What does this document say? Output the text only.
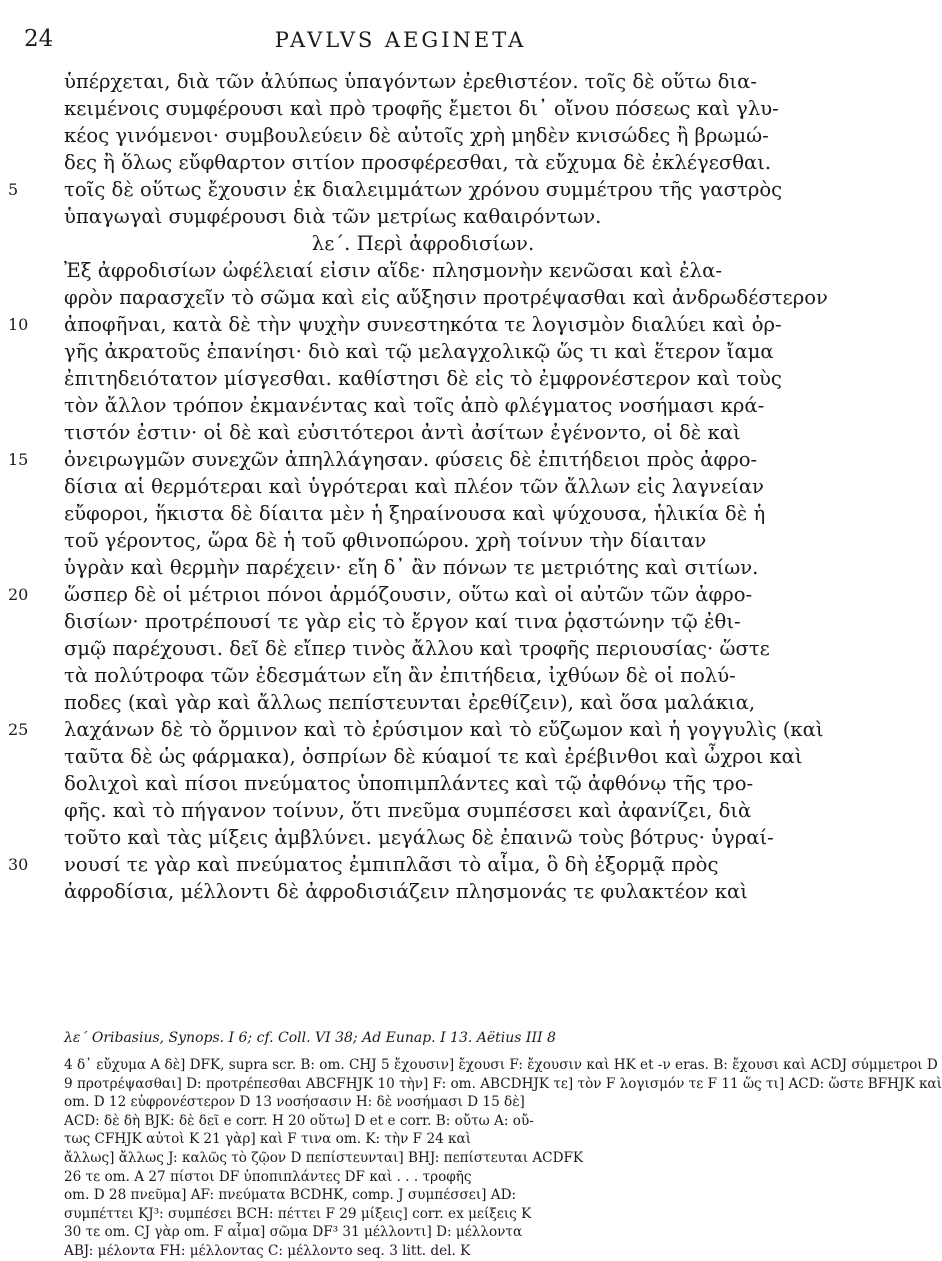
24	PAVLVS AEGINETA
ὑπέρχεται, διὰ τῶν ἀλύπως ὑπαγόντων ἐρεθιστέον. τοῖς δὲ οὕτω δια-
κειμένοις συμφέρουσι καὶ πρὸ τροφῆς ἔμετοι δι᾿ οἴνου πόσεως καὶ γλυ-
κέος γινόμενοι· συμβουλεύειν δὲ αὐτοῖς χρὴ μηδὲν κνισώδες ἢ βρωμώ-
δες ἢ ὅλως εὔφθαρτον σιτίον προσφέρεσθαι, τὰ εὔχυμα δὲ ἐκλέγεσθαι.
5	τοῖς δὲ οὕτως ἔχουσιν ἐκ διαλειμμάτων χρόνου συμμέτρου τῆς γαστρὸς
ὑπαγωγαὶ συμφέρουσι διὰ τῶν μετρίως καθαιρόντων.
λε΄. Περὶ ἀφροδισίων.
Ἐξ ἀφροδισίων ὠφέλειαί εἰσιν αἵδε· πλησμονὴν κενῶσαι καὶ ἐλα-
φρὸν παρασχεῖν τὸ σῶμα καὶ εἰς αὔξησιν προτρέψασθαι καὶ ἀνδρωδέστερον
10	ἀποφῆναι, κατὰ δὲ τὴν ψυχὴν συνεστηκότα τε λογισμὸν διαλύει καὶ ὀρ-
γῆς ἀκρατοῦς ἐπανίησι· διὸ καὶ τῷ μελαγχολικῷ ὥς τι καὶ ἕτερον ἴαμα
ἐπιτηδειότατον μίσγεσθαι. καθίστησι δὲ εἰς τὸ ἐμφρονέστερον καὶ τοὺς
τὸν ἄλλον τρόπον ἐκμανέντας καὶ τοῖς ἀπὸ φλέγματος νοσήμασι κρά-
τιστόν ἐστιν· οἱ δὲ καὶ εὐσιτότεροι ἀντὶ ἀσίτων ἐγένοντο, οἱ δὲ καὶ
15	ὀνειρωγμῶν συνεχῶν ἀπηλλάγησαν. φύσεις δὲ ἐπιτήδειοι πρὸς ἀφρο-
δίσια αἱ θερμότεραι καὶ ὑγρότεραι καὶ πλέον τῶν ἄλλων εἰς λαγνείαν
εὔφοροι, ἥκιστα δὲ δίαιτα μὲν ἡ ξηραίνουσα καὶ ψύχουσα, ἡλικία δὲ ἡ
τοῦ γέροντος, ὥρα δὲ ἡ τοῦ φθινοπώρου. χρὴ τοίνυν τὴν δίαιταν
ὑγρὰν καὶ θερμὴν παρέχειν· εἴη δ᾿ ἂν πόνων τε μετριότης καὶ σιτίων.
20	ὥσπερ δὲ οἱ μέτριοι πόνοι ἁρμόζουσιν, οὕτω καὶ οἱ αὐτῶν τῶν ἀφρο-
δισίων· προτρέπουσί τε γὰρ εἰς τὸ ἔργον καί τινα ῥᾳστώνην τῷ ἐθι-
σμῷ παρέχουσι. δεῖ δὲ εἴπερ τινὸς ἄλλου καὶ τροφῆς περιουσίας· ὥστε
τὰ πολύτροφα τῶν ἐδεσμάτων εἴη ἂν ἐπιτήδεια, ἰχθύων δὲ οἱ πολύ-
ποδες (καὶ γὰρ καὶ ἄλλως πεπίστευνται ἐρεθίζειν), καὶ ὅσα μαλάκια,
25	λαχάνων δὲ τὸ ὄρμινον καὶ τὸ ἐρύσιμον καὶ τὸ εὔζωμον καὶ ἡ γογγυλὶς (καὶ
ταῦτα δὲ ὡς φάρμακα), ὀσπρίων δὲ κύαμοί τε καὶ ἐρέβινθοι καὶ ὦχροι καὶ
δολιχοὶ καὶ πίσοι πνεύματος ὑποπιμπλάντες καὶ τῷ ἀφθόνῳ τῆς τρο-
φῆς. καὶ τὸ πήγανον τοίνυν, ὅτι πνεῦμα συμπέσσει καὶ ἀφανίζει, διὰ
τοῦτο καὶ τὰς μίξεις ἀμβλύνει. μεγάλως δὲ ἐπαινῶ τοὺς βότρυς· ὑγραί-
30	νουσί τε γὰρ καὶ πνεύματος ἐμπιπλᾶσι τὸ αἷμα, ὃ δὴ ἐξορμᾷ πρὸς
ἀφροδίσια, μέλλοντι δὲ ἀφροδισιάζειν πλησμονάς τε φυλακτέον καὶ
λε΄ Oribasius, Synops. I 6; cf. Coll. VI 38; Ad Eunap. I 13. Aëtius III 8
4 δ᾿ εὔχυμα A δὲ] DFK, supra scr. B: om. CHJ 5 ἔχουσιν] ἔχουσι F: ἔχουσιν καὶ HK et -ν eras. B: ἔχουσι καὶ ACDJ σύμμετροι D
9 προτρέψασθαι] D: προτρέπεσθαι ABCFHJK 10 τὴν] F: om. ABCDHJK τε] τὸν F λογισμόν τε F 11 ὥς τι] ACD: ὥστε BFHJK καὶ
om. D 12 εὐφρονέστερον D 13 νοσήσασιν H: δὲ νοσήμασι D 15 δὲ]
ACD: δὲ δὴ BJK: δὲ δεῖ e corr. H 20 οὕτω] D et e corr. B: οὔτω A: οὔ-
τως CFHJK αὐτοὶ K 21 γὰρ] καὶ F τινα om. K: τὴν F 24 καὶ
ἄλλως] ἄλλως J: καλῶς τὸ ζῷον D πεπίστευνται] BHJ: πεπίστευται ACDFK
26 τε om. A 27 πίστοι DF ὑποπιπλάντες DF καὶ . . . τροφῆς
om. D 28 πνεῦμα] AF: πνεύματα BCDHK, comp. J συμπέσσει] AD:
συμπέττει KJ³: συμπέσει BCH: πέττει F 29 μίξεις] corr. ex μείξεις K
30 τε om. CJ γὰρ om. F αἷμα] σῶμα DF³ 31 μέλλοντι] D: μέλλοντα
ABJ: μέλοντα FH: μέλλοντας C: μέλλοντο seq. 3 litt. del. K
